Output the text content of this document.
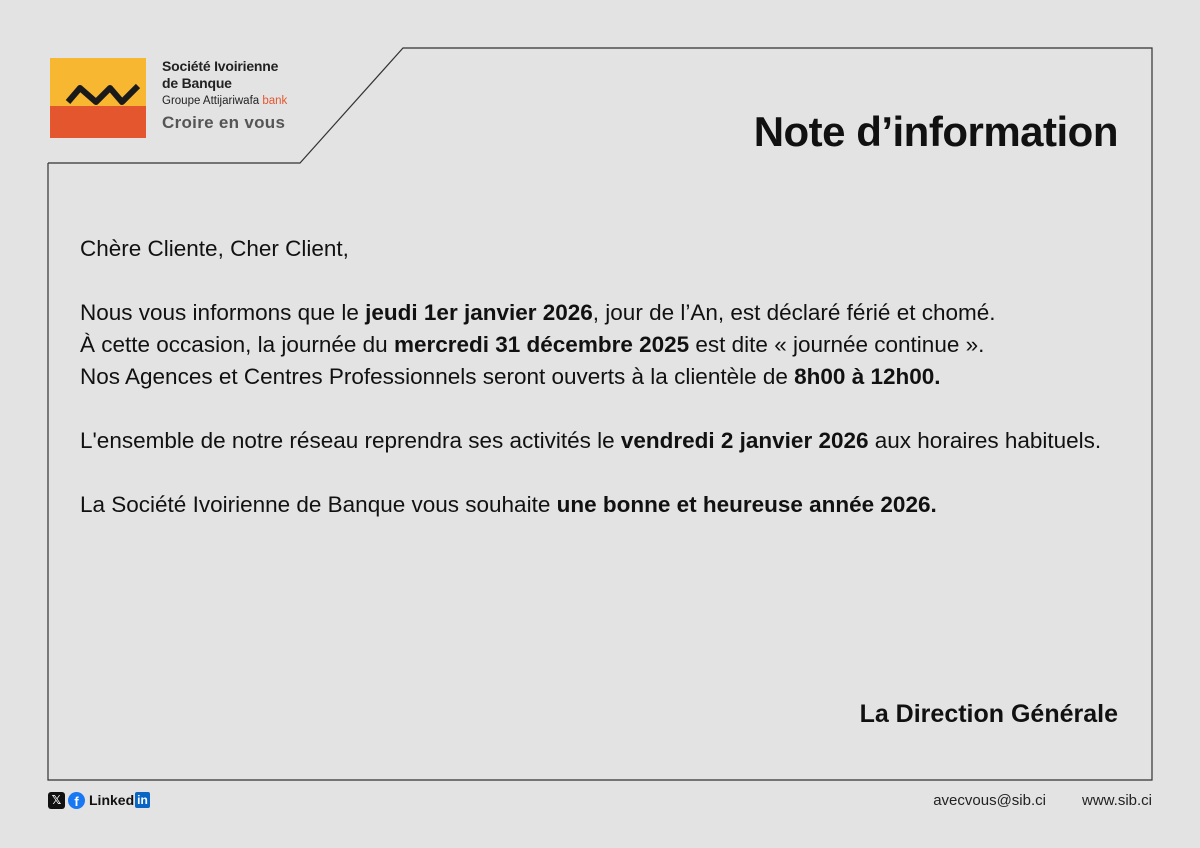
Société Ivoirienne
de Banque
Groupe Attijariwafa bank
Croire en vous	Note d’information

Chère Cliente, Cher Client,

Nous vous informons que le jeudi 1er janvier 2026, jour de l’An, est déclaré férié et chomé.
À cette occasion, la journée du mercredi 31 décembre 2025 est dite « journée continue ».
Nos Agences et Centres Professionnels seront ouverts à la clientèle de 8h00 à 12h00.

L'ensemble de notre réseau reprendra ses activités le vendredi 2 janvier 2026 aux horaires habituels.

La Société Ivoirienne de Banque vous souhaite une bonne et heureuse année 2026.

La Direction Générale
𝕏	f Linked in	avecvous@sib.ci www.sib.ci
